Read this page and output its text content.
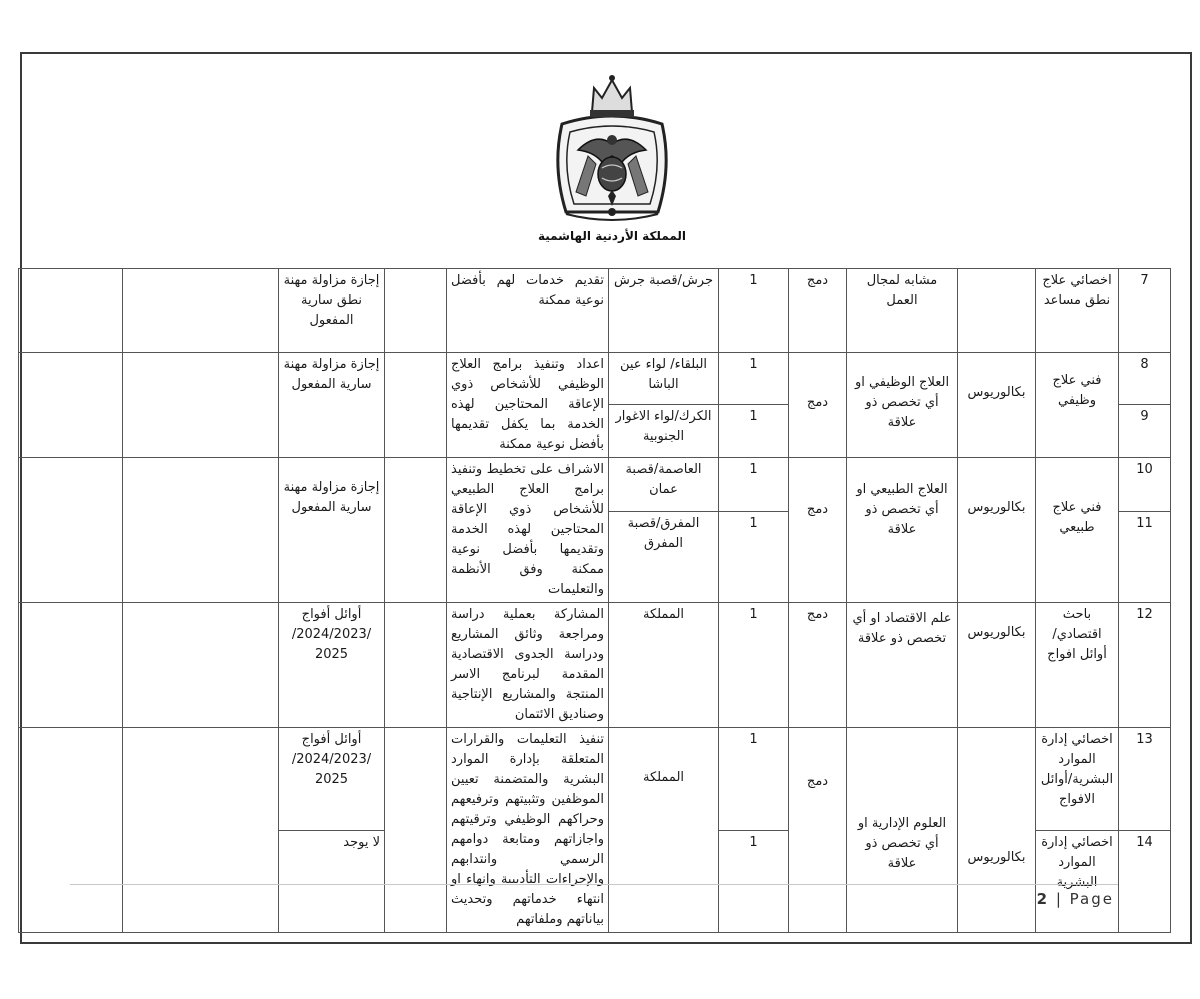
المملكة الأردنية الهاشمية
7	اخصائي علاج نطق مساعد		مشابه لمجال العمل	دمج	1	جرش/قصبة جرش	تقديم خدمات لهم بأفضل نوعية ممكنة		إجازة مزاولة مهنة نطق سارية المفعول		
8	فني علاج وظيفي	بكالوريوس	العلاج الوظيفي او أي تخصص ذو علاقة	دمج	1	البلقاء/ لواء عين الباشا	اعداد وتنفيذ برامج العلاج الوظيفي للأشخاص ذوي الإعاقة المحتاجين لهذه الخدمة بما يكفل تقديمها بأفضل نوعية ممكنة		إجازة مزاولة مهنة سارية المفعول		
9					1	الكرك/لواء الاغوار الجنوبية					
10	فني علاج طبيعي	بكالوريوس	العلاج الطبيعي او أي تخصص ذو علاقة	دمج	1	العاصمة/قصبة عمان	الاشراف على تخطيط وتنفيذ برامج العلاج الطبيعي للأشخاص ذوي الإعاقة المحتاجين لهذه الخدمة وتقديمها بأفضل نوعية ممكنة وفق الأنظمة والتعليمات		إجازة مزاولة مهنة سارية المفعول		
11					1	المفرق/قصبة المفرق					
12	باحث اقتصادي/أوائل افواج	بكالوريوس	علم الاقتصاد او أي تخصص ذو علاقة	دمج	1	المملكة	المشاركة بعملية دراسة ومراجعة وثائق المشاريع ودراسة الجدوى الاقتصادية المقدمة لبرنامج الاسر المنتجة والمشاريع الإنتاجية وصناديق الائتمان		أوائل أفواج /2024/2023/ 2025		
13	اخصائي إدارة الموارد البشرية/أوائل الافواج	بكالوريوس	العلوم الإدارية او أي تخصص ذو علاقة	دمج	1	المملكة	تنفيذ التعليمات والقرارات المتعلقة بإدارة الموارد البشرية والمتضمنة تعيين الموظفين وتثبيتهم وترفيعهم وحراكهم الوظيفي وترقيتهم واجازاتهم ومتابعة دوامهم الرسمي وانتدابهم والإجراءات التأديبية وانهاء او انتهاء خدماتهم وتحديث بياناتهم وملفاتهم		أوائل أفواج /2024/2023/ 2025		
14	اخصائي إدارة الموارد البشرية				1				لا يوجد		
2 | Page
